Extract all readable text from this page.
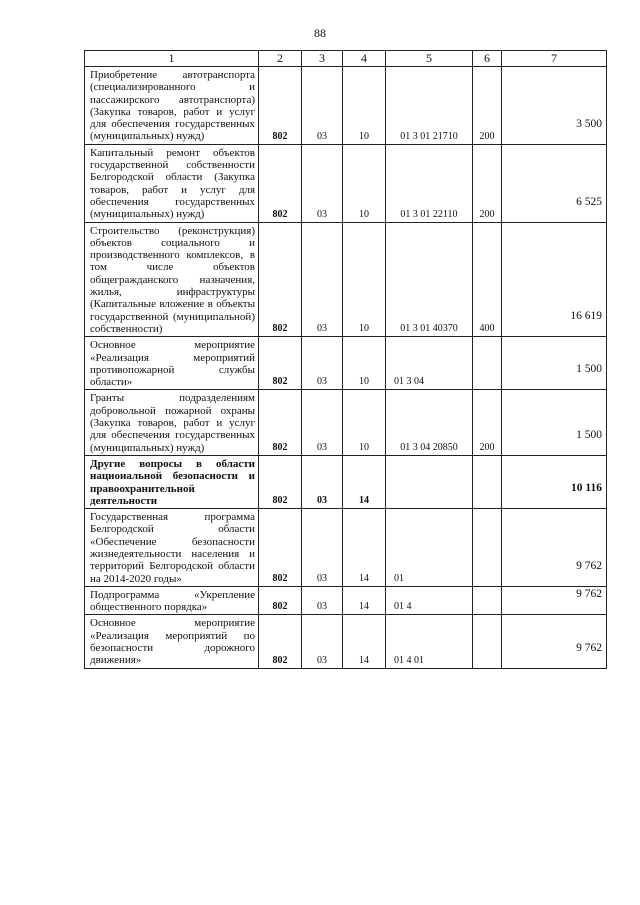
88
1	2	3	4	5	6	7
Приобретение автотранспорта (специализированного и пассажирского автотранспорта) (Закупка товаров, работ и услуг для обеспечения государственных (муниципальных) нужд)	802	03	10	01 3 01 21710	200	3 500
Капитальный ремонт объектов государственной собственности Белгородской области (Закупка товаров, работ и услуг для обеспечения государственных (муниципальных) нужд)	802	03	10	01 3 01 22110	200	6 525
Строительство (реконструкция) объектов социального и производственного комплексов, в том числе объектов общегражданского назначения, жилья, инфраструктуры (Капитальные вложение в объекты государственной (муниципальной) собственности)	802	03	10	01 3 01 40370	400	16 619
Основное мероприятие «Реализация мероприятий противопожарной службы области»	802	03	10	01 3 04		1 500
Гранты подразделениям добровольной пожарной охраны (Закупка товаров, работ и услуг для обеспечения государственных (муниципальных) нужд)	802	03	10	01 3 04 20850	200	1 500
Другие вопросы в области национальной безопасности и правоохранительной деятельности	802	03	14			10 116
Государственная программа Белгородской области «Обеспечение безопасности жизнедеятельности населения и территорий Белгородской области на 2014-2020 годы»	802	03	14	01		9 762
Подпрограмма «Укрепление общественного порядка»	802	03	14	01 4		9 762
Основное мероприятие «Реализация мероприятий по безопасности дорожного движения»	802	03	14	01 4 01		9 762
